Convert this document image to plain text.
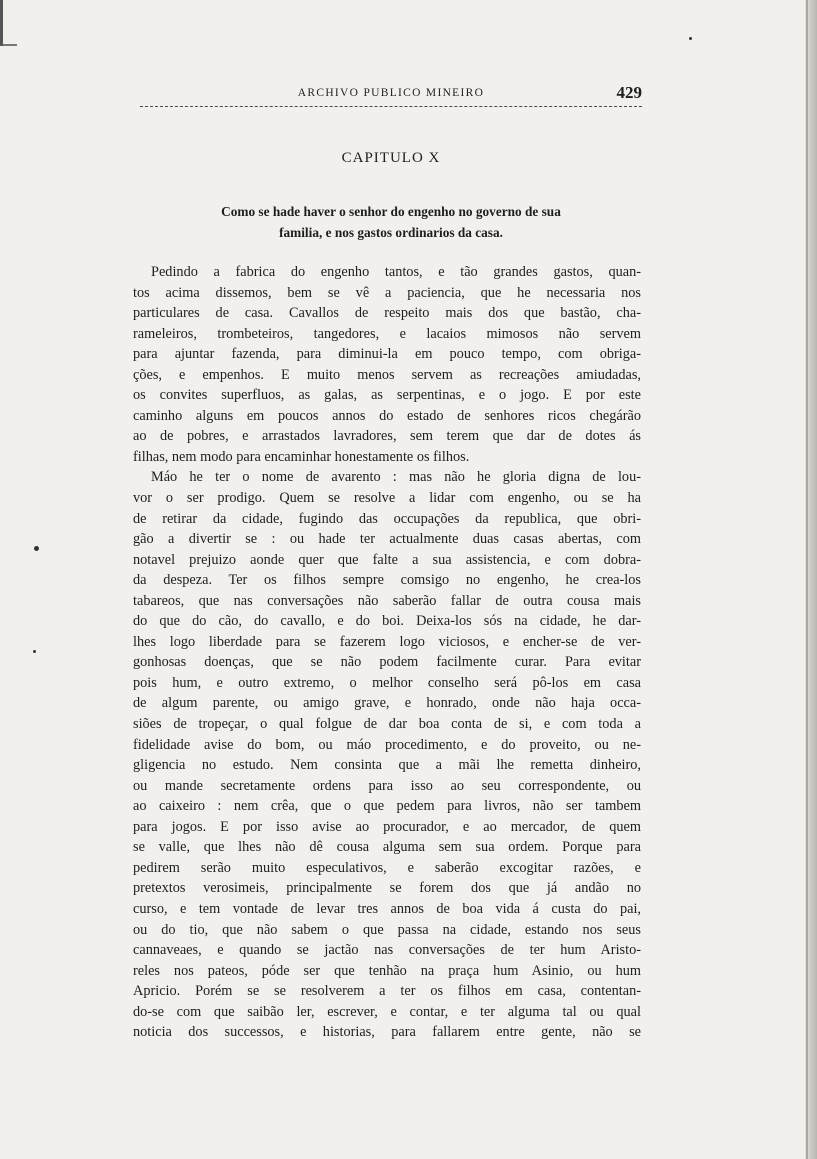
ARCHIVO PUBLICO MINEIRO	429
CAPITULO X
Como se hade haver o senhor do engenho no governo de sua
familia, e nos gastos ordinarios da casa.
Pedindo a fabrica do engenho tantos, e tão grandes gastos, quan-
tos acima dissemos, bem se vê a paciencia, que he necessaria nos
particulares de casa. Cavallos de respeito mais dos que bastão, cha-
rameleiros, trombeteiros, tangedores, e lacaios mimosos não servem
para ajuntar fazenda, para diminui-la em pouco tempo, com obriga-
ções, e empenhos. E muito menos servem as recreações amiudadas,
os convites superfluos, as galas, as serpentinas, e o jogo. E por este
caminho alguns em poucos annos do estado de senhores ricos chegárão
ao de pobres, e arrastados lavradores, sem terem que dar de dotes ás
filhas, nem modo para encaminhar honestamente os filhos.
Máo he ter o nome de avarento : mas não he gloria digna de lou-
vor o ser prodigo. Quem se resolve a lidar com engenho, ou se ha
de retirar da cidade, fugindo das occupações da republica, que obri-
gão a divertir se : ou hade ter actualmente duas casas abertas, com
notavel prejuizo aonde quer que falte a sua assistencia, e com dobra-
da despeza. Ter os filhos sempre comsigo no engenho, he crea-los
tabareos, que nas conversações não saberão fallar de outra cousa mais
do que do cão, do cavallo, e do boi. Deixa-los sós na cidade, he dar-
lhes logo liberdade para se fazerem logo viciosos, e encher-se de ver-
gonhosas doenças, que se não podem facilmente curar. Para evitar
pois hum, e outro extremo, o melhor conselho será pô-los em casa
de algum parente, ou amigo grave, e honrado, onde não haja occa-
siões de tropeçar, o qual folgue de dar boa conta de si, e com toda a
fidelidade avise do bom, ou máo procedimento, e do proveito, ou ne-
gligencia no estudo. Nem consinta que a mãi lhe remetta dinheiro,
ou mande secretamente ordens para isso ao seu correspondente, ou
ao caixeiro : nem crêa, que o que pedem para livros, não ser tambem
para jogos. E por isso avise ao procurador, e ao mercador, de quem
se valle, que lhes não dê cousa alguma sem sua ordem. Porque para
pedirem serão muito especulativos, e saberão excogitar razões, e
pretextos verosimeis, principalmente se forem dos que já andão no
curso, e tem vontade de levar tres annos de boa vida á custa do pai,
ou do tio, que não sabem o que passa na cidade, estando nos seus
cannaveaes, e quando se jactão nas conversações de ter hum Aristo-
reles nos pateos, póde ser que tenhão na praça hum Asinio, ou hum
Apricio. Porém se se resolverem a ter os filhos em casa, contentan-
do-se com que saibão ler, escrever, e contar, e ter alguma tal ou qual
noticia dos successos, e historias, para fallarem entre gente, não se
